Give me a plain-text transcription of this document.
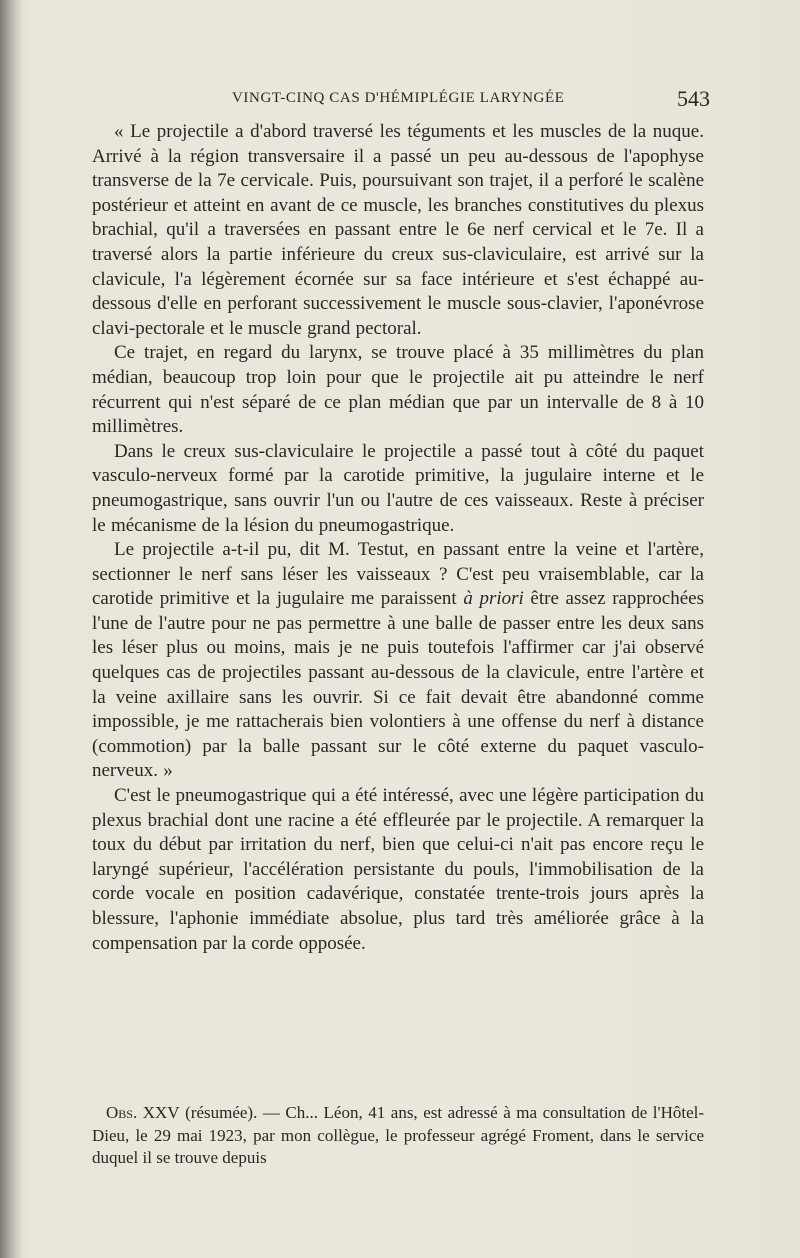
VINGT-CINQ CAS D'HÉMIPLÉGIE LARYNGÉE	543

« Le projectile a d'abord traversé les téguments et les muscles de la nuque. Arrivé à la région transversaire il a passé un peu au-dessous de l'apophyse transverse de la 7e cervicale. Puis, poursuivant son trajet, il a perforé le scalène postérieur et atteint en avant de ce muscle, les branches constitutives du plexus brachial, qu'il a traversées en passant entre le 6e nerf cervical et le 7e. Il a traversé alors la partie inférieure du creux sus-claviculaire, est arrivé sur la clavicule, l'a légèrement écornée sur sa face intérieure et s'est échappé au-dessous d'elle en perforant successivement le muscle sous-clavier, l'aponévrose clavi-pectorale et le muscle grand pectoral.

Ce trajet, en regard du larynx, se trouve placé à 35 millimètres du plan médian, beaucoup trop loin pour que le projectile ait pu atteindre le nerf récurrent qui n'est séparé de ce plan médian que par un intervalle de 8 à 10 millimètres.

Dans le creux sus-claviculaire le projectile a passé tout à côté du paquet vasculo-nerveux formé par la carotide primitive, la jugulaire interne et le pneumogastrique, sans ouvrir l'un ou l'autre de ces vaisseaux. Reste à préciser le mécanisme de la lésion du pneumogastrique.

Le projectile a-t-il pu, dit M. Testut, en passant entre la veine et l'artère, sectionner le nerf sans léser les vaisseaux ? C'est peu vraisemblable, car la carotide primitive et la jugulaire me paraissent à priori être assez rapprochées l'une de l'autre pour ne pas permettre à une balle de passer entre les deux sans les léser plus ou moins, mais je ne puis toutefois l'affirmer car j'ai observé quelques cas de projectiles passant au-dessous de la clavicule, entre l'artère et la veine axillaire sans les ouvrir. Si ce fait devait être abandonné comme impossible, je me rattacherais bien volontiers à une offense du nerf à distance (commotion) par la balle passant sur le côté externe du paquet vasculo-nerveux. »

C'est le pneumogastrique qui a été intéressé, avec une légère participation du plexus brachial dont une racine a été effleurée par le projectile. A remarquer la toux du début par irritation du nerf, bien que celui-ci n'ait pas encore reçu le laryngé supérieur, l'accélération persistante du pouls, l'immobilisation de la corde vocale en position cadavérique, constatée trente-trois jours après la blessure, l'aphonie immédiate absolue, plus tard très améliorée grâce à la compensation par la corde opposée.

Obs. XXV (résumée). — Ch... Léon, 41 ans, est adressé à ma consultation de l'Hôtel-Dieu, le 29 mai 1923, par mon collègue, le professeur agrégé Froment, dans le service duquel il se trouve depuis
